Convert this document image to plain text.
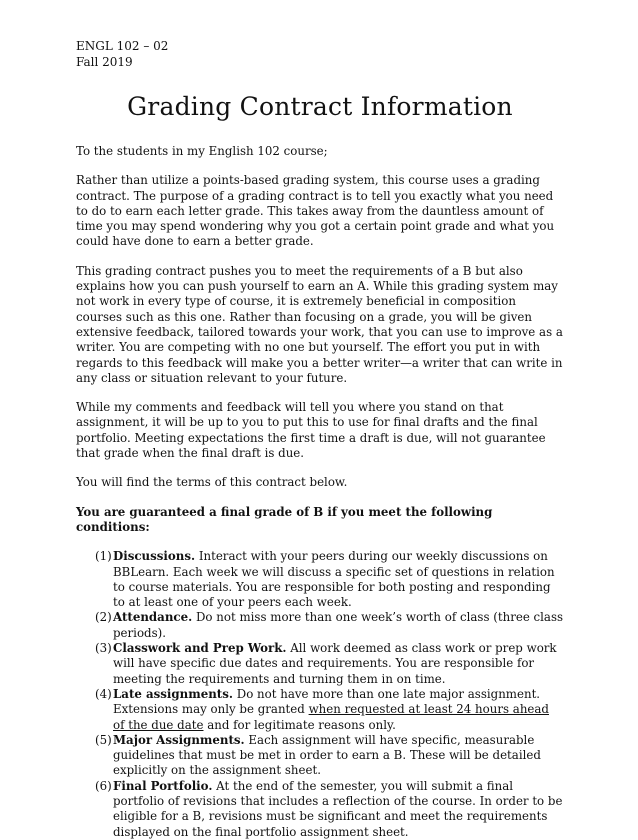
ENGL 102 – 02
Fall 2019
Grading Contract Information

To the students in my English 102 course;

Rather than utilize a points-based grading system, this course uses a grading contract. The purpose of a grading contract is to tell you exactly what you need to do to earn each letter grade. This takes away from the dauntless amount of time you may spend wondering why you got a certain point grade and what you could have done to earn a better grade.

This grading contract pushes you to meet the requirements of a B but also explains how you can push yourself to earn an A. While this grading system may not work in every type of course, it is extremely beneficial in composition courses such as this one. Rather than focusing on a grade, you will be given extensive feedback, tailored towards your work, that you can use to improve as a writer. You are competing with no one but yourself. The effort you put in with regards to this feedback will make you a better writer—a writer that can write in any class or situation relevant to your future.

While my comments and feedback will tell you where you stand on that assignment, it will be up to you to put this to use for final drafts and the final portfolio. Meeting expectations the first time a draft is due, will not guarantee that grade when the final draft is due.

You will find the terms of this contract below.

You are guaranteed a final grade of B if you meet the following conditions:

(1) Discussions. Interact with your peers during our weekly discussions on BBLearn. Each week we will discuss a specific set of questions in relation to course materials. You are responsible for both posting and responding to at least one of your peers each week.
(2) Attendance. Do not miss more than one week’s worth of class (three class periods).
(3) Classwork and Prep Work. All work deemed as class work or prep work will have specific due dates and requirements. You are responsible for meeting the requirements and turning them in on time.
(4) Late assignments. Do not have more than one late major assignment. Extensions may only be granted when requested at least 24 hours ahead of the due date and for legitimate reasons only.
(5) Major Assignments. Each assignment will have specific, measurable guidelines that must be met in order to earn a B. These will be detailed explicitly on the assignment sheet.
(6) Final Portfolio. At the end of the semester, you will submit a final portfolio of revisions that includes a reflection of the course. In order to be eligible for a B, revisions must be significant and meet the requirements displayed on the final portfolio assignment sheet.
